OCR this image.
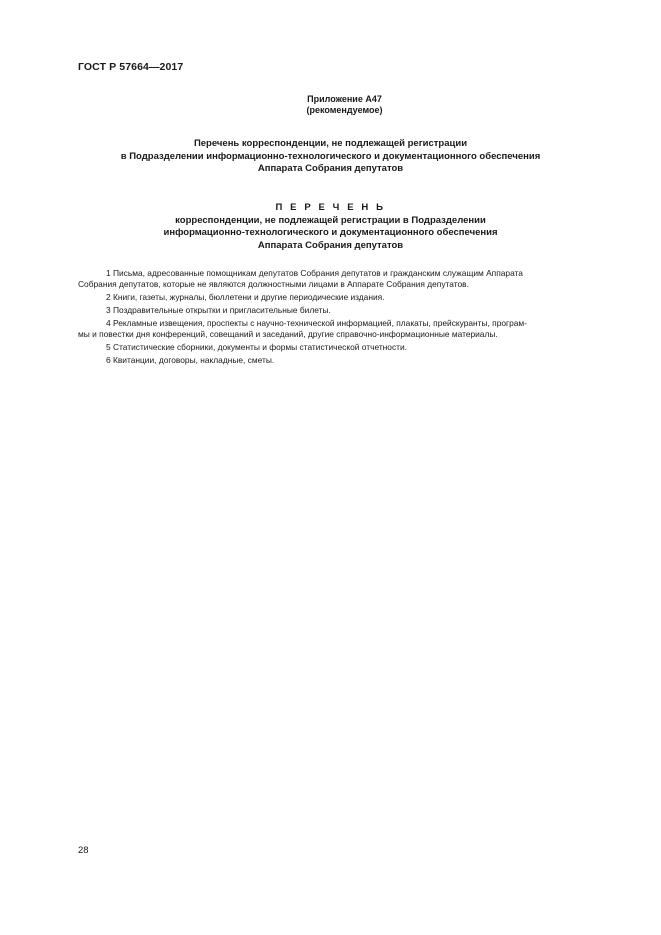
ГОСТ Р 57664—2017
Приложение А47
(рекомендуемое)
Перечень корреспонденции, не подлежащей регистрации
в Подразделении информационно-технологического и документационного обеспечения
Аппарата Собрания депутатов
П Е Р Е Ч Е Н Ь
корреспонденции, не подлежащей регистрации в Подразделении
информационно-технологического и документационного обеспечения
Аппарата Собрания депутатов
1 Письма, адресованные помощникам депутатов Собрания депутатов и гражданским служащим Аппарата
Собрания депутатов, которые не являются должностными лицами в Аппарате Собрания депутатов.
2 Книги, газеты, журналы, бюллетени и другие периодические издания.
3 Поздравительные открытки и пригласительные билеты.
4 Рекламные извещения, проспекты с научно-технической информацией, плакаты, прейскуранты, програм-
мы и повестки дня конференций, совещаний и заседаний, другие справочно-информационные материалы.
5 Статистические сборники, документы и формы статистической отчетности.
6 Квитанции, договоры, накладные, сметы.
28
